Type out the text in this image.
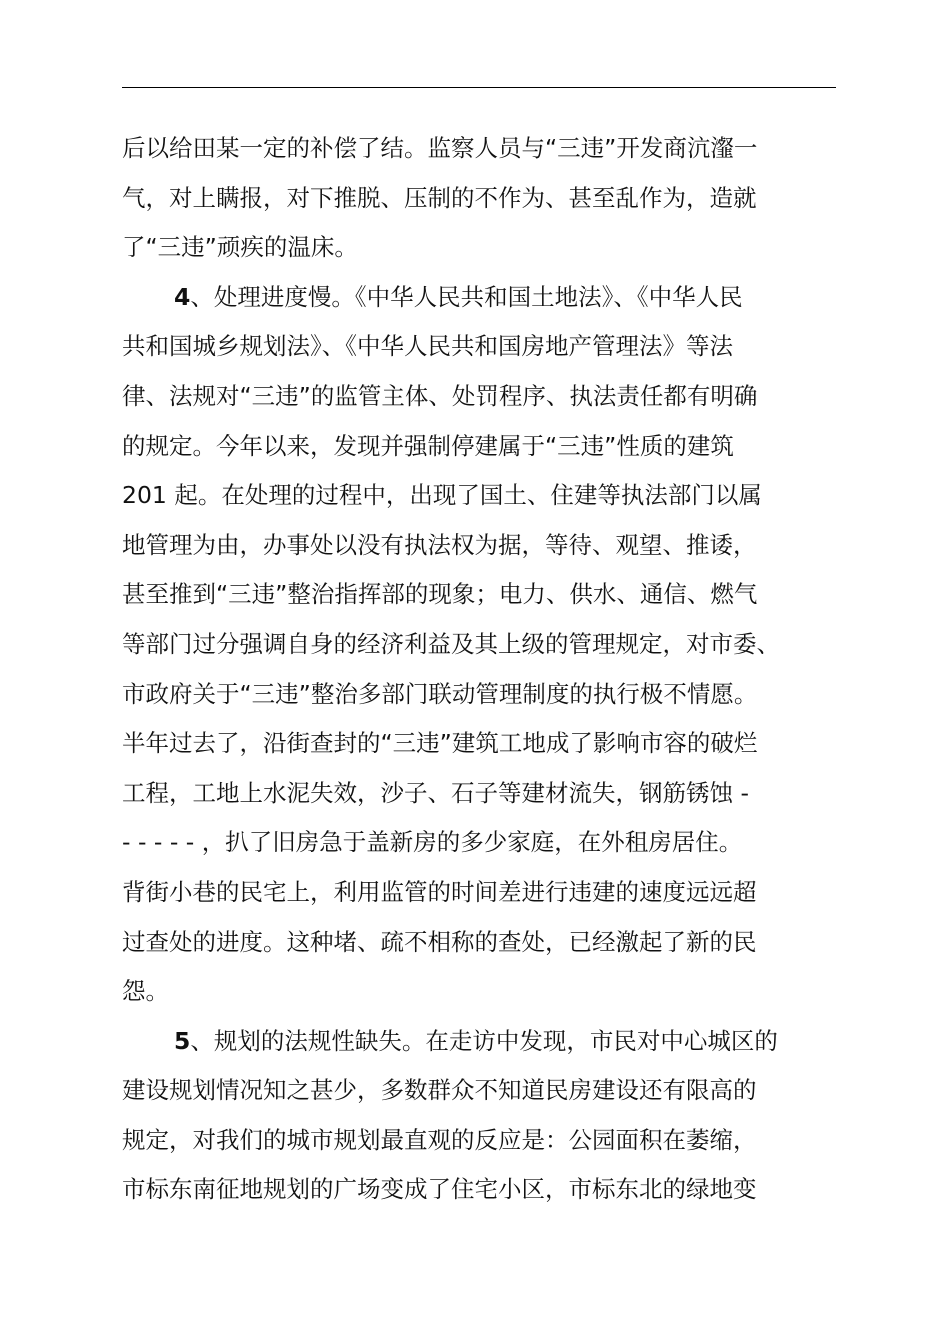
后以给田某一定的补偿了结。监察人员与“三违”开发商沆瀣一
气，对上瞒报，对下推脱、压制的不作为、甚至乱作为，造就
了“三违”顽疾的温床。
4、处理进度慢。《中华人民共和国土地法》、《中华人民
共和国城乡规划法》、《中华人民共和国房地产管理法》等法
律、法规对“三违”的监管主体、处罚程序、执法责任都有明确
的规定。今年以来，发现并强制停建属于“三违”性质的建筑
201 起。在处理的过程中，出现了国土、住建等执法部门以属
地管理为由，办事处以没有执法权为据，等待、观望、推诿，
甚至推到“三违”整治指挥部的现象；电力、供水、通信、燃气
等部门过分强调自身的经济利益及其上级的管理规定，对市委、
市政府关于“三违”整治多部门联动管理制度的执行极不情愿。
半年过去了，沿街查封的“三违”建筑工地成了影响市容的破烂
工程，工地上水泥失效，沙子、石子等建材流失，钢筋锈蚀 -
- - - - - ，扒了旧房急于盖新房的多少家庭，在外租房居住。
背街小巷的民宅上，利用监管的时间差进行违建的速度远远超
过查处的进度。这种堵、疏不相称的查处，已经激起了新的民
怨。
5、规划的法规性缺失。在走访中发现，市民对中心城区的
建设规划情况知之甚少，多数群众不知道民房建设还有限高的
规定，对我们的城市规划最直观的反应是：公园面积在萎缩，
市标东南征地规划的广场变成了住宅小区，市标东北的绿地变
